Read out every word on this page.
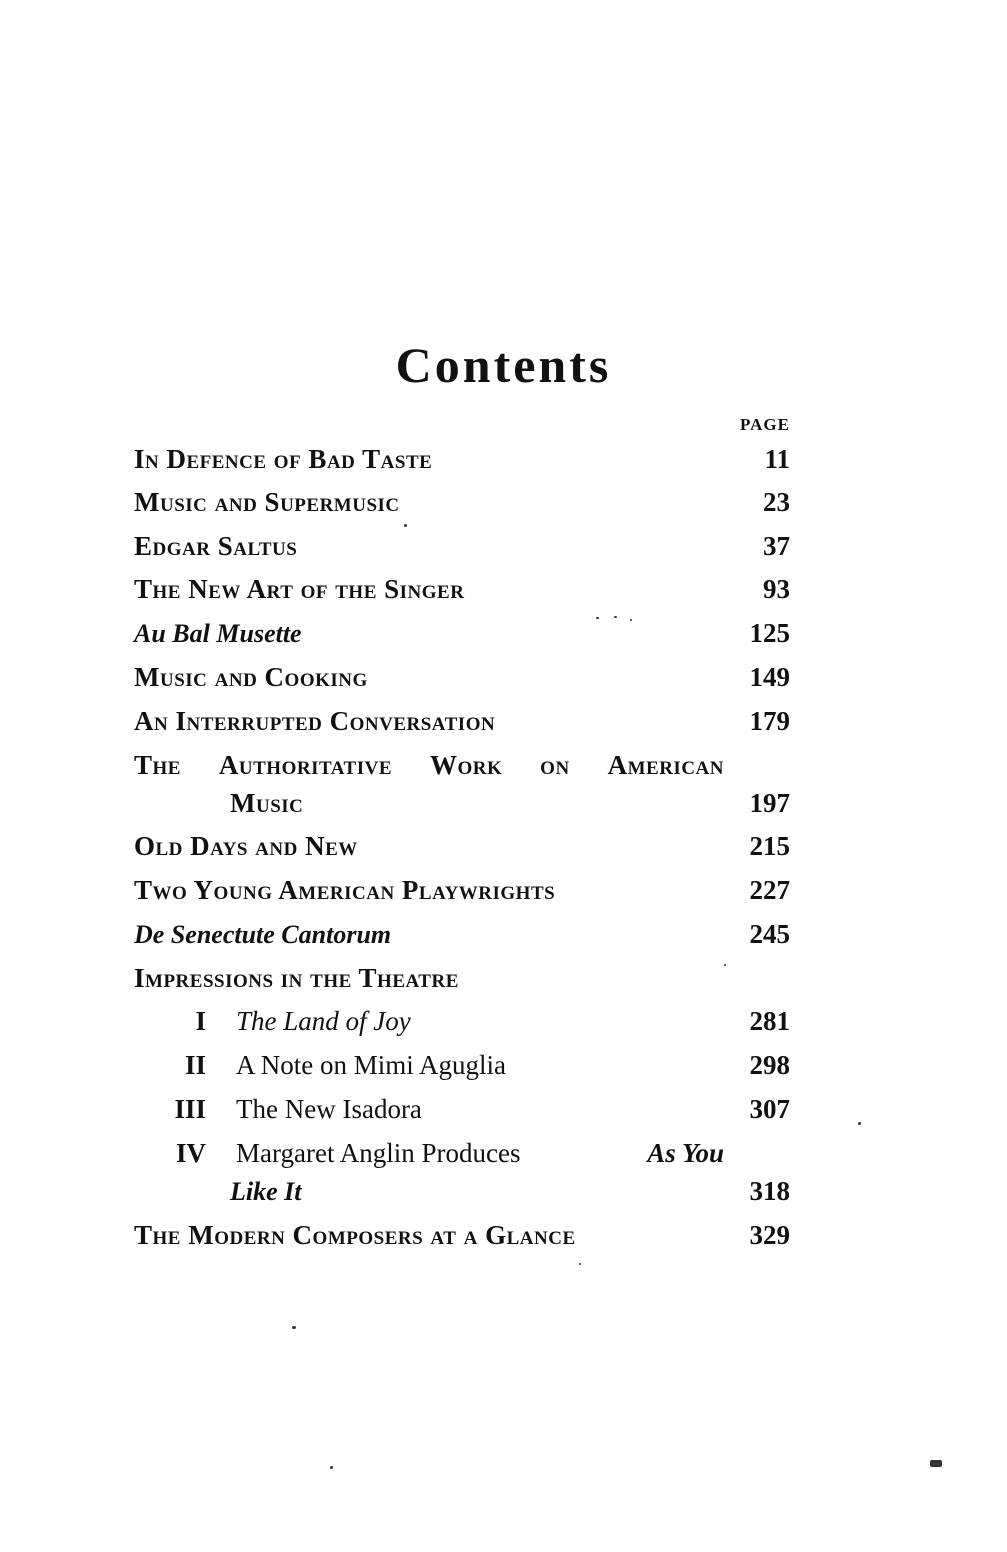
Contents
PAGE
In Defence of Bad Taste	11
Music and Supermusic	23
Edgar Saltus	37
The New Art of the Singer	93
Au Bal Musette	125
Music and Cooking	149
An Interrupted Conversation	179
The Authoritative Work on American
Music	197
Old Days and New	215
Two Young American Playwrights	227
De Senectute Cantorum	245
Impressions in the Theatre
I	The Land of Joy	281
II	A Note on Mimi Aguglia	298
III	The New Isadora	307
IV	Margaret Anglin Produces	As You
Like It	318
The Modern Composers at a Glance	329
